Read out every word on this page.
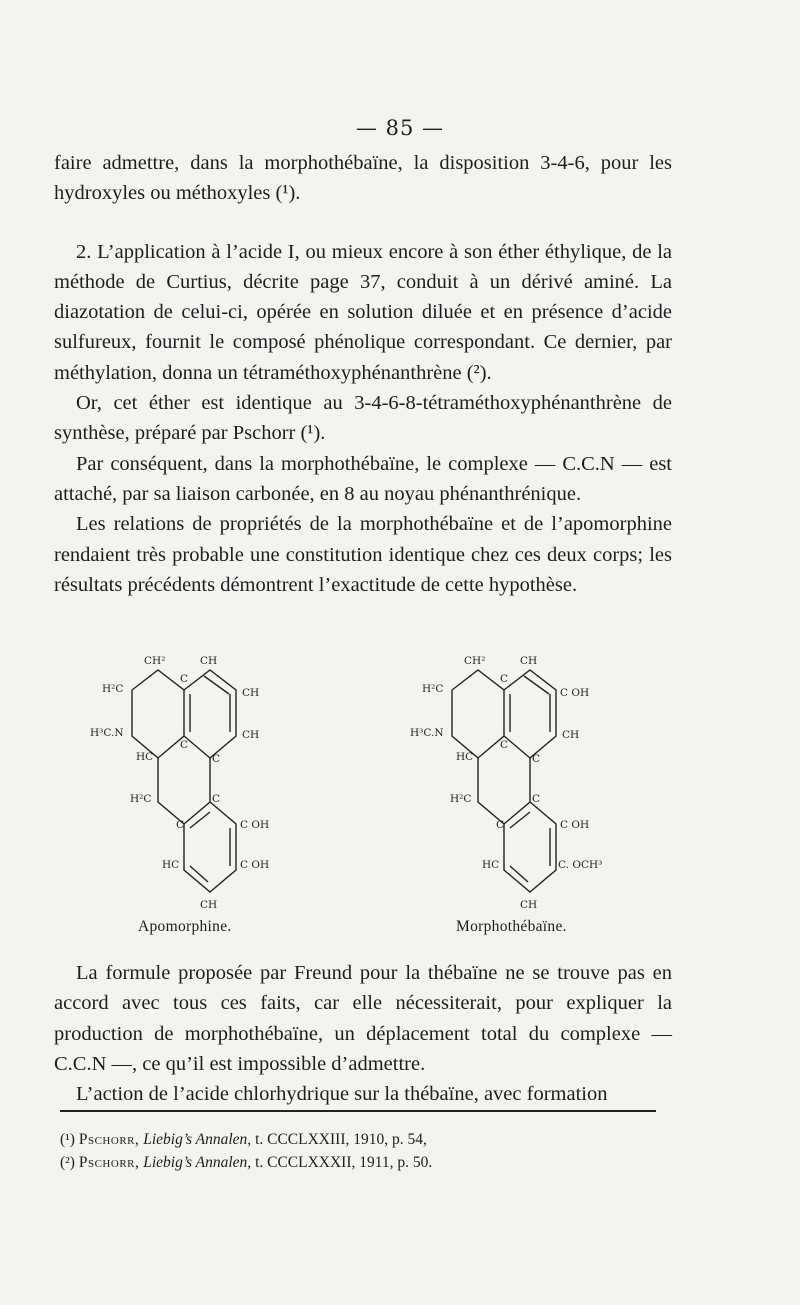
— 85 —

faire admettre, dans la morphothébaïne, la disposition 3-4-6, pour les hydroxyles ou méthoxyles (¹).

2. L’application à l’acide I, ou mieux encore à son éther éthylique, de la méthode de Curtius, décrite page 37, conduit à un dérivé aminé. La diazotation de celui-ci, opérée en solution diluée et en présence d’acide sulfureux, fournit le composé phénolique correspondant. Ce dernier, par méthylation, donna un tétraméthoxyphénanthrène (²).

Or, cet éther est identique au 3-4-6-8-tétraméthoxyphénanthrène de synthèse, préparé par Pschorr (¹).

Par conséquent, dans la morphothébaïne, le complexe — C.C.N — est attaché, par sa liaison carbonée, en 8 au noyau phénanthrénique.

Les relations de propriétés de la morphothébaïne et de l’apomorphine rendaient très probable une constitution identique chez ces deux corps; les résultats précédents démontrent l’exactitude de cette hypothèse.

CH²	CH
H²C
C
CH
H³C.N	CH
C
HC	C
H²C	C
C	C OH
HC	C OH
CH
Apomorphine.
CH²	CH
H²C
C
C OH
H³C.N	CH
C
HC	C
H²C	C
C	C OH
HC	C. OCH³
CH
Morphothébaïne.

La formule proposée par Freund pour la thébaïne ne se trouve pas en accord avec tous ces faits, car elle nécessiterait, pour expliquer la production de morphothébaïne, un déplacement total du complexe — C.C.N —, ce qu’il est impossible d’admettre.

L’action de l’acide chlorhydrique sur la thébaïne, avec formation

(¹) Pschorr, Liebig’s Annalen, t. CCCLXXIII, 1910, p. 54,

(²) Pschorr, Liebig’s Annalen, t. CCCLXXXII, 1911, p. 50.
